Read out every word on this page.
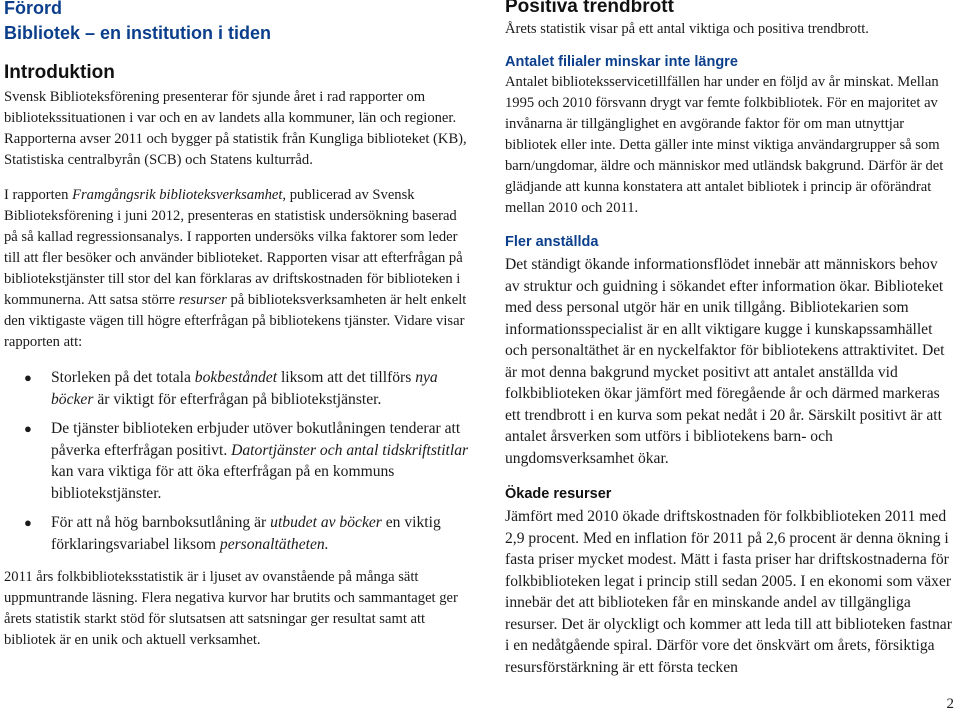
Förord
Bibliotek – en institution i tiden
Introduktion

Svensk Biblioteksförening presenterar för sjunde året i rad rapporter om bibliotekssituationen i var och en av landets alla kommuner, län och regioner. Rapporterna avser 2011 och bygger på statistik från Kungliga biblioteket (KB), Statistiska centralbyrån (SCB) och Statens kulturråd.

I rapporten Framgångsrik biblioteksverksamhet, publicerad av Svensk Biblioteksförening i juni 2012, presenteras en statistisk undersökning baserad på så kallad regressionsanalys. I rapporten undersöks vilka faktorer som leder till att fler besöker och använder biblioteket. Rapporten visar att efterfrågan på bibliotekstjänster till stor del kan förklaras av driftskostnaden för biblioteken i kommunerna. Att satsa större resurser på biblioteksverksamheten är helt enkelt den viktigaste vägen till högre efterfrågan på bibliotekens tjänster. Vidare visar rapporten att:

● Storleken på det totala bokbeståndet liksom att det tillförs nya böcker är viktigt för efterfrågan på bibliotekstjänster.
● De tjänster biblioteken erbjuder utöver bokutlåningen tenderar att påverka efterfrågan positivt. Datortjänster och antal tidskriftstitlar kan vara viktiga för att öka efterfrågan på en kommuns bibliotekstjänster.
● För att nå hög barnboksutlåning är utbudet av böcker en viktig förklaringsvariabel liksom personaltätheten.

2011 års folkbiblioteksstatistik är i ljuset av ovanstående på många sätt uppmuntrande läsning. Flera negativa kurvor har brutits och sammantaget ger årets statistik starkt stöd för slutsatsen att satsningar ger resultat samt att bibliotek är en unik och aktuell verksamhet.

Positiva trendbrott

Årets statistik visar på ett antal viktiga och positiva trendbrott.

Antalet filialer minskar inte längre

Antalet biblioteksservicetillfällen har under en följd av år minskat. Mellan 1995 och 2010 försvann drygt var femte folkbibliotek. För en majoritet av invånarna är tillgänglighet en avgörande faktor för om man utnyttjar bibliotek eller inte. Detta gäller inte minst viktiga användargrupper så som barn/ungdomar, äldre och människor med utländsk bakgrund. Därför är det glädjande att kunna konstatera att antalet bibliotek i princip är oförändrat mellan 2010 och 2011.

Fler anställda

Det ständigt ökande informationsflödet innebär att människors behov av struktur och guidning i sökandet efter information ökar. Biblioteket med dess personal utgör här en unik tillgång. Bibliotekarien som informationsspecialist är en allt viktigare kugge i kunskapssamhället och personaltäthet är en nyckelfaktor för bibliotekens attraktivitet. Det är mot denna bakgrund mycket positivt att antalet anställda vid folkbiblioteken ökar jämfört med föregående år och därmed markeras ett trendbrott i en kurva som pekat nedåt i 20 år. Särskilt positivt är att antalet årsverken som utförs i bibliotekens barn- och ungdomsverksamhet ökar.

Ökade resurser

Jämfört med 2010 ökade driftskostnaden för folkbiblioteken 2011 med 2,9 procent. Med en inflation för 2011 på 2,6 procent är denna ökning i fasta priser mycket modest. Mätt i fasta priser har driftskostnaderna för folkbiblioteken legat i princip still sedan 2005. I en ekonomi som växer innebär det att biblioteken får en minskande andel av tillgängliga resurser. Det är olyckligt och kommer att leda till att biblioteken fastnar i en nedåtgående spiral. Därför vore det önskvärt om årets, försiktiga resursförstärkning är ett första tecken

2
